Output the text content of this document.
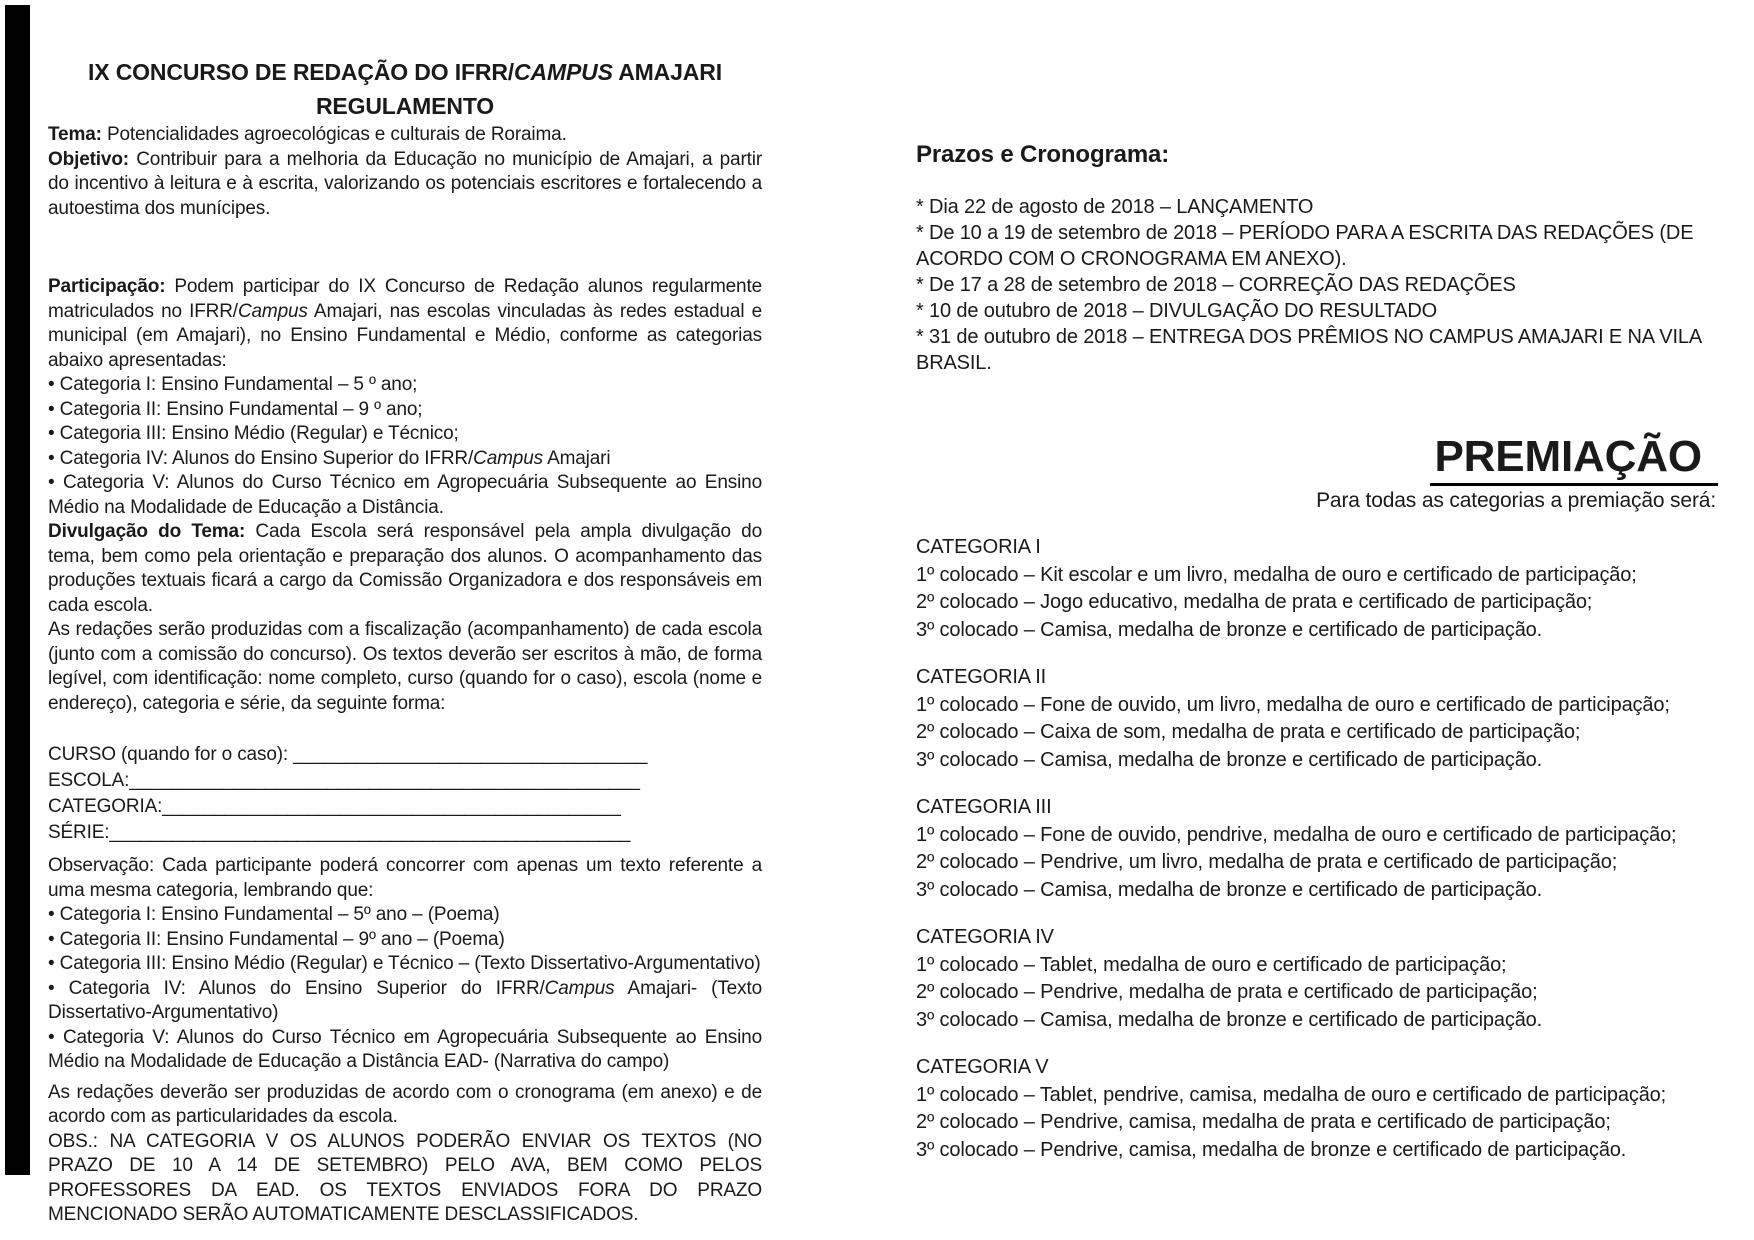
IX CONCURSO DE REDAÇÃO DO IFRR/CAMPUS AMAJARI
REGULAMENTO

Tema: Potencialidades agroecológicas e culturais de Roraima.

Objetivo: Contribuir para a melhoria da Educação no município de Amajari, a partir do incentivo à leitura e à escrita, valorizando os potenciais escritores e fortalecendo a autoestima dos munícipes.

Participação: Podem participar do IX Concurso de Redação alunos regularmente matriculados no IFRR/Campus Amajari, nas escolas vinculadas às redes estadual e municipal (em Amajari), no Ensino Fundamental e Médio, conforme as categorias abaixo apresentadas:

• Categoria I: Ensino Fundamental – 5 º ano;
• Categoria II: Ensino Fundamental – 9 º ano;
• Categoria III: Ensino Médio (Regular) e Técnico;
• Categoria IV: Alunos do Ensino Superior do IFRR/Campus Amajari
• Categoria V: Alunos do Curso Técnico em Agropecuária Subsequente ao Ensino Médio na Modalidade de Educação a Distância.

Divulgação do Tema: Cada Escola será responsável pela ampla divulgação do tema, bem como pela orientação e preparação dos alunos. O acompanhamento das produções textuais ficará a cargo da Comissão Organizadora e dos responsáveis em cada escola.

As redações serão produzidas com a fiscalização (acompanhamento) de cada escola (junto com a comissão do concurso). Os textos deverão ser escritos à mão, de forma legível, com identificação: nome completo, curso (quando for o caso), escola (nome e endereço), categoria e série, da seguinte forma:

CURSO (quando for o caso): __________________________________
ESCOLA:_________________________________________________
CATEGORIA:____________________________________________
SÉRIE:__________________________________________________

Observação: Cada participante poderá concorrer com apenas um texto referente a uma mesma categoria, lembrando que:

• Categoria I: Ensino Fundamental – 5º ano – (Poema)
• Categoria II: Ensino Fundamental – 9º ano – (Poema)
• Categoria III: Ensino Médio (Regular) e Técnico – (Texto Dissertativo-Argumentativo)
• Categoria IV: Alunos do Ensino Superior do IFRR/Campus Amajari- (Texto Dissertativo-Argumentativo)
• Categoria V: Alunos do Curso Técnico em Agropecuária Subsequente ao Ensino Médio na Modalidade de Educação a Distância EAD- (Narrativa do campo)

As redações deverão ser produzidas de acordo com o cronograma (em anexo) e de acordo com as particularidades da escola.

OBS.: NA CATEGORIA V OS ALUNOS PODERÃO ENVIAR OS TEXTOS (NO PRAZO DE 10 A 14 DE SETEMBRO) PELO AVA, BEM COMO PELOS PROFESSORES DA EAD. OS TEXTOS ENVIADOS FORA DO PRAZO MENCIONADO SERÃO AUTOMATICAMENTE DESCLASSIFICADOS.

Prazos e Cronograma:
* Dia 22 de agosto de 2018 – LANÇAMENTO
* De 10 a 19 de setembro de 2018 – PERÍODO PARA A ESCRITA DAS REDAÇÕES (DE ACORDO COM O CRONOGRAMA EM ANEXO).
* De 17 a 28 de setembro de 2018 – CORREÇÃO DAS REDAÇÕES
* 10 de outubro de 2018 – DIVULGAÇÃO DO RESULTADO
* 31 de outubro de 2018 – ENTREGA DOS PRÊMIOS NO CAMPUS AMAJARI E NA VILA BRASIL.
PREMIAÇÃO
Para todas as categorias a premiação será:
CATEGORIA I
1º colocado – Kit escolar e um livro, medalha de ouro e certificado de participação;
2º colocado – Jogo educativo, medalha de prata e certificado de participação;
3º colocado – Camisa, medalha de bronze e certificado de participação.
CATEGORIA II
1º colocado – Fone de ouvido, um livro, medalha de ouro e certificado de participação;
2º colocado – Caixa de som, medalha de prata e certificado de participação;
3º colocado – Camisa, medalha de bronze e certificado de participação.
CATEGORIA III
1º colocado – Fone de ouvido, pendrive, medalha de ouro e certificado de participação;
2º colocado – Pendrive, um livro, medalha de prata e certificado de participação;
3º colocado – Camisa, medalha de bronze e certificado de participação.
CATEGORIA IV
1º colocado – Tablet, medalha de ouro e certificado de participação;
2º colocado – Pendrive, medalha de prata e certificado de participação;
3º colocado – Camisa, medalha de bronze e certificado de participação.
CATEGORIA V
1º colocado – Tablet, pendrive, camisa, medalha de ouro e certificado de participação;
2º colocado – Pendrive, camisa, medalha de prata e certificado de participação;
3º colocado – Pendrive, camisa, medalha de bronze e certificado de participação.
